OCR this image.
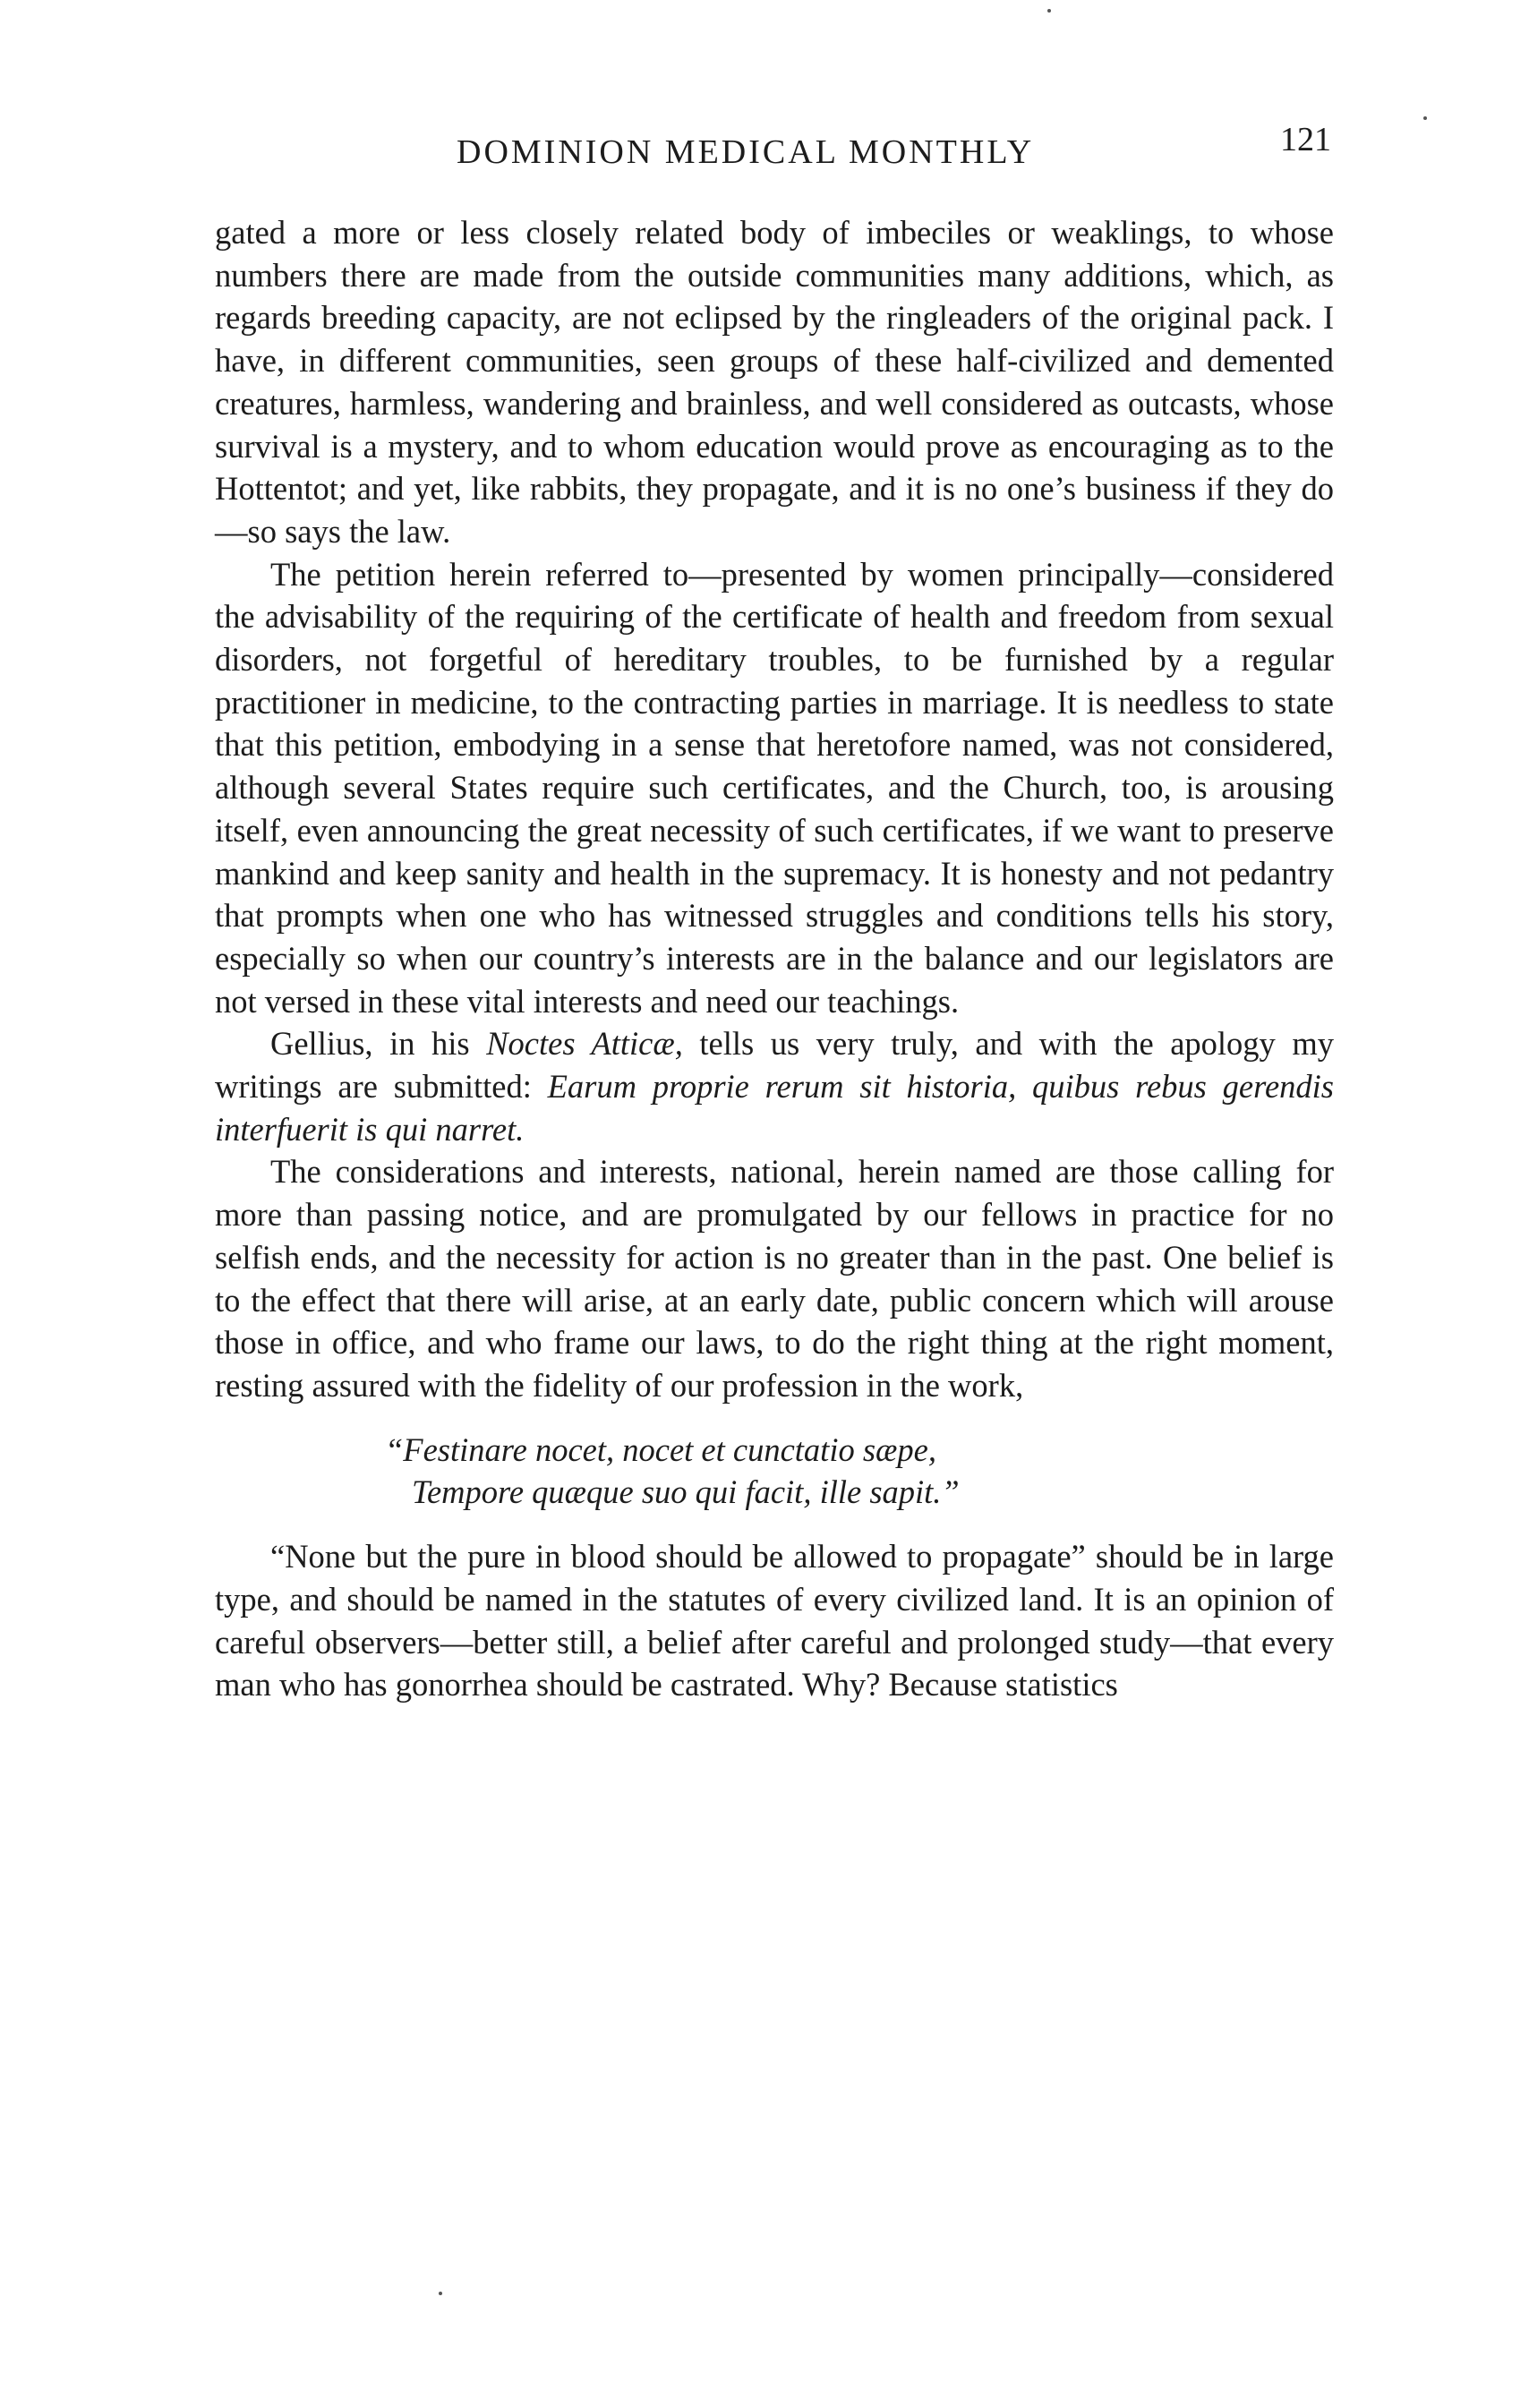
DOMINION MEDICAL MONTHLY	121

gated a more or less closely related body of imbeciles or weaklings, to whose numbers there are made from the outside communities many additions, which, as regards breeding capacity, are not eclipsed by the ringleaders of the original pack. I have, in different communities, seen groups of these half-civilized and demented creatures, harmless, wandering and brainless, and well considered as outcasts, whose survival is a mystery, and to whom education would prove as encouraging as to the Hottentot; and yet, like rabbits, they propagate, and it is no one’s business if they do—so says the law.

The petition herein referred to—presented by women principally—considered the advisability of the requiring of the certificate of health and freedom from sexual disorders, not forgetful of hereditary troubles, to be furnished by a regular practitioner in medicine, to the contracting parties in marriage. It is needless to state that this petition, embodying in a sense that heretofore named, was not considered, although several States require such certificates, and the Church, too, is arousing itself, even announcing the great necessity of such certificates, if we want to preserve mankind and keep sanity and health in the supremacy. It is honesty and not pedantry that prompts when one who has witnessed struggles and conditions tells his story, especially so when our country’s interests are in the balance and our legislators are not versed in these vital interests and need our teachings.

Gellius, in his Noctes Atticæ, tells us very truly, and with the apology my writings are submitted: Earum proprie rerum sit historia, quibus rebus gerendis interfuerit is qui narret.

The considerations and interests, national, herein named are those calling for more than passing notice, and are promulgated by our fellows in practice for no selfish ends, and the necessity for action is no greater than in the past. One belief is to the effect that there will arise, at an early date, public concern which will arouse those in office, and who frame our laws, to do the right thing at the right moment, resting assured with the fidelity of our profession in the work,

“Festinare nocet, nocet et cunctatio sæpe,
Tempore quæque suo qui facit, ille sapit.”

“None but the pure in blood should be allowed to propagate” should be in large type, and should be named in the statutes of every civilized land. It is an opinion of careful observers—better still, a belief after careful and prolonged study—that every man who has gonorrhea should be castrated. Why? Because statistics
